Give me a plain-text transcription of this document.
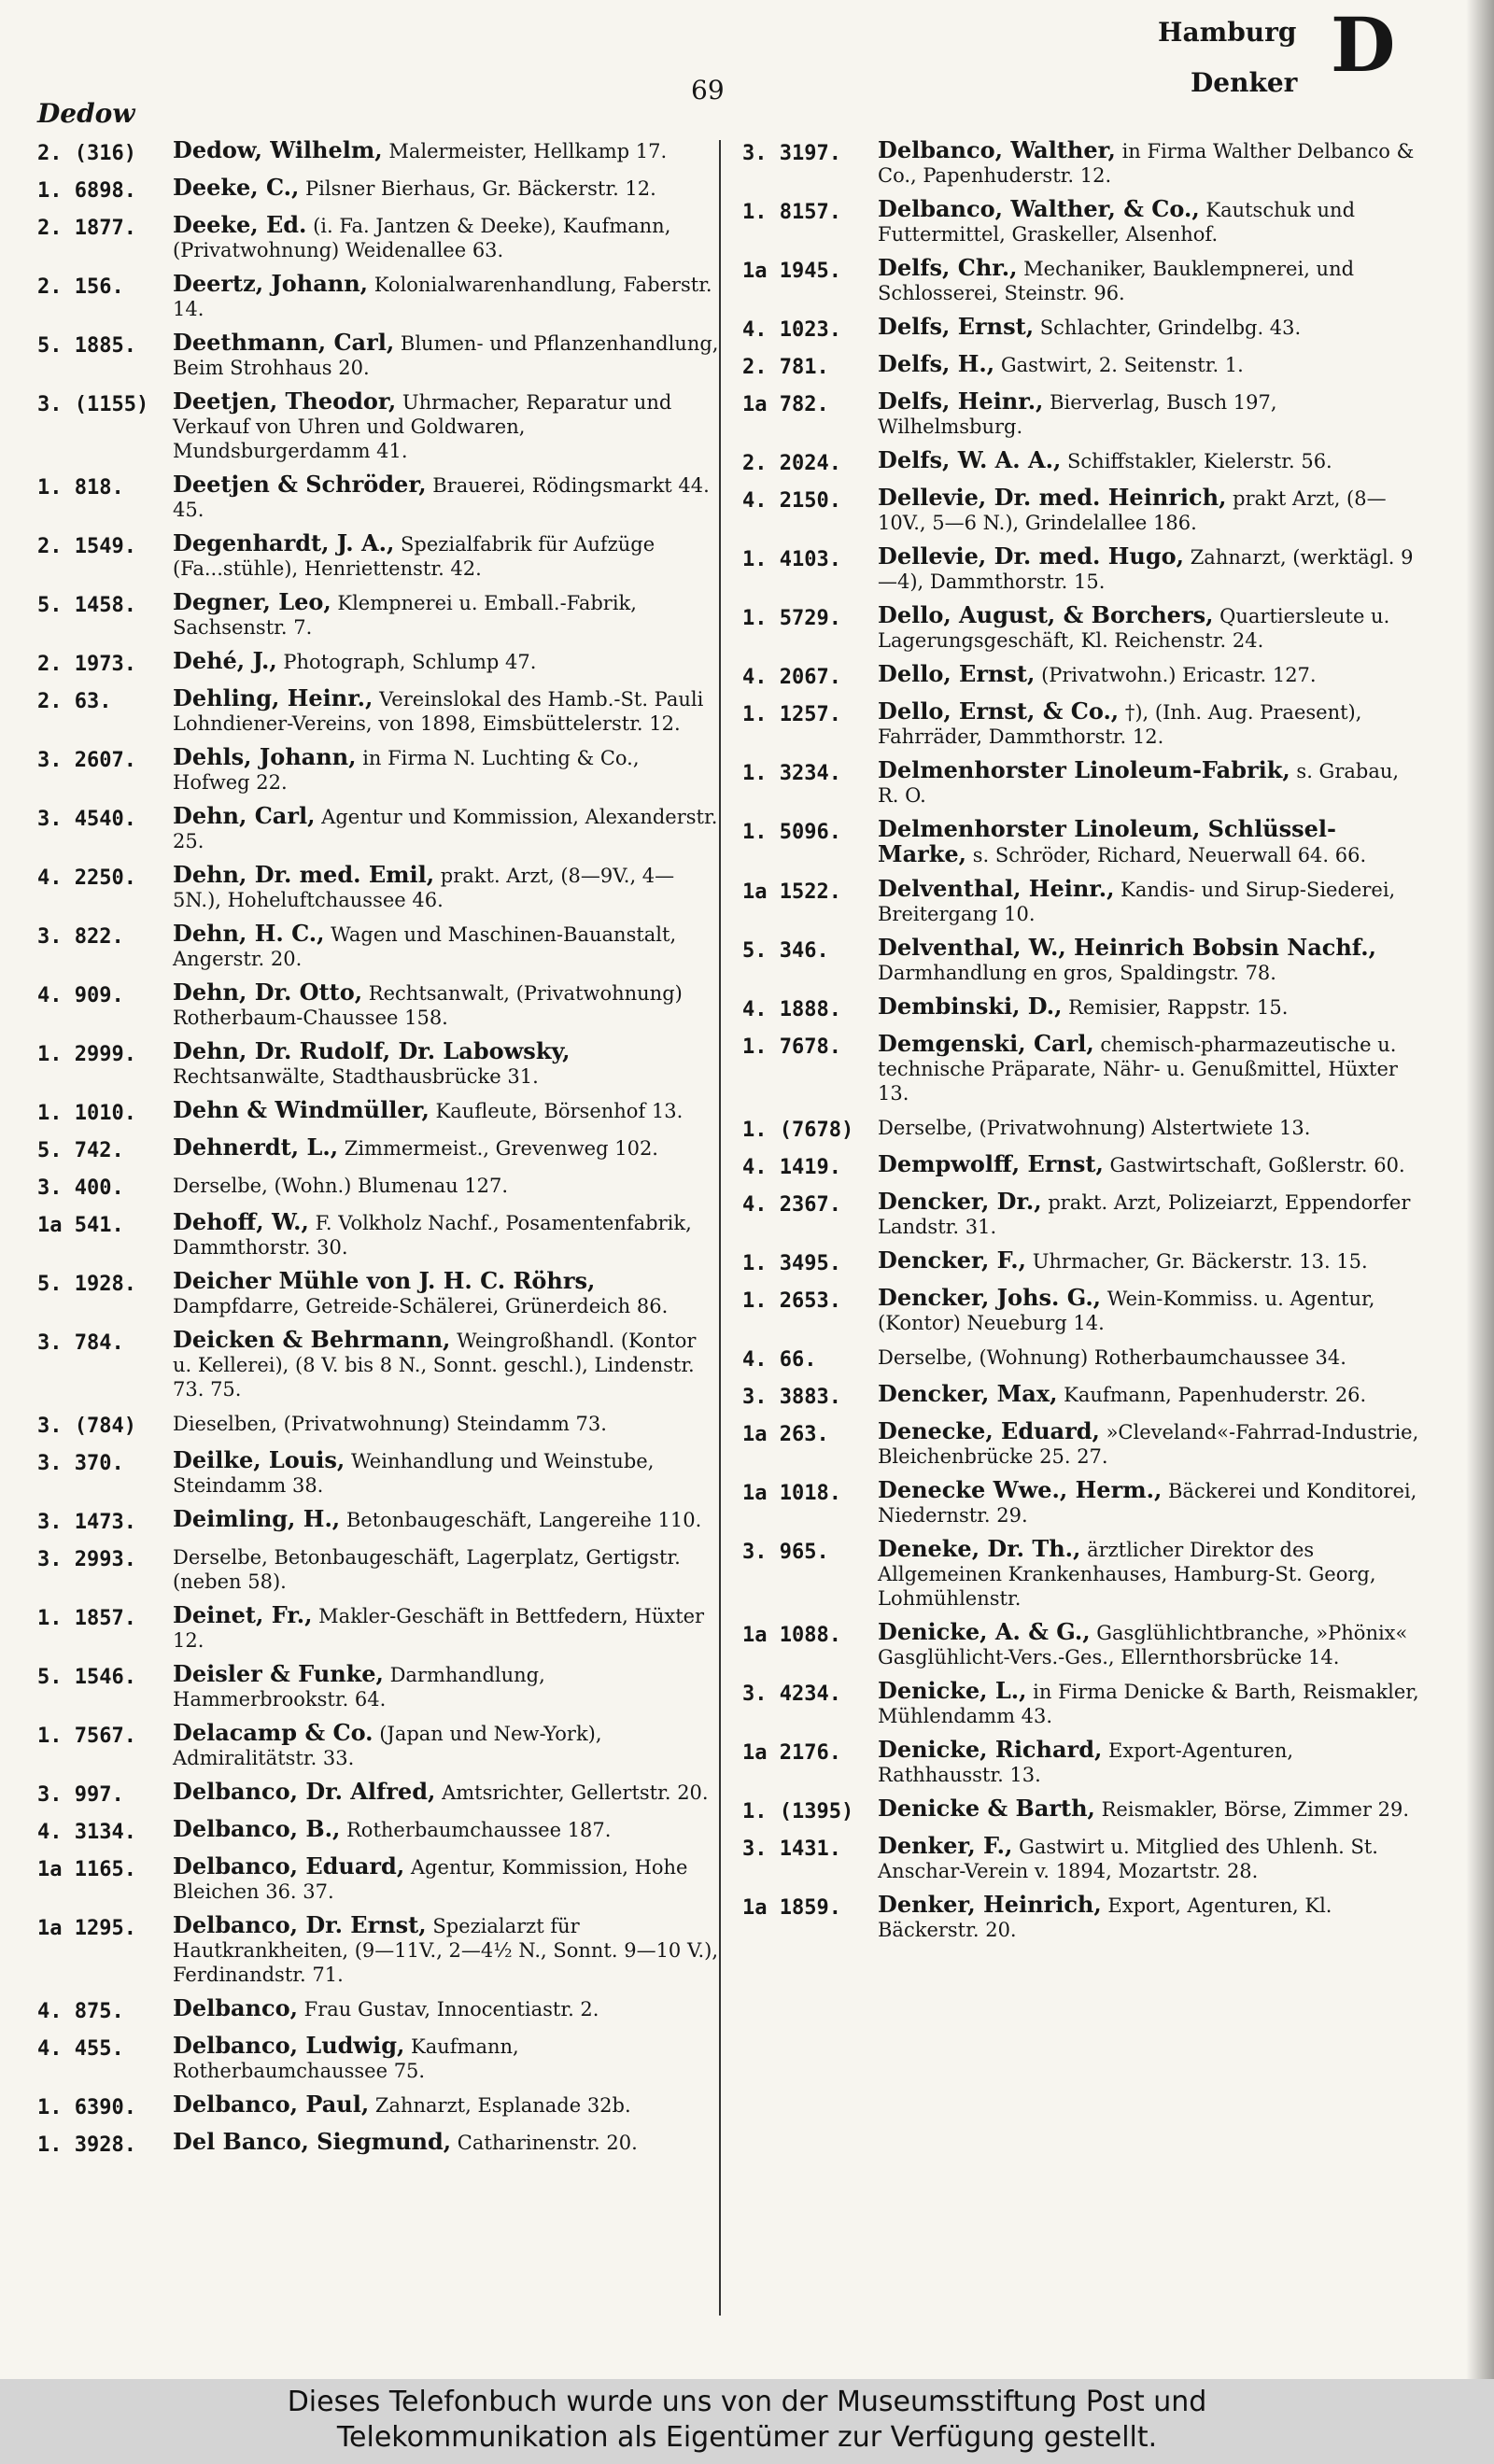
69
Dedow
Hamburg D
Denker
2. (316)	Dedow, Wilhelm, Malermeister, Hellkamp 17.
1. 6898.	Deeke, C., Pilsner Bierhaus, Gr. Bäckerstr. 12.
2. 1877.	Deeke, Ed. (i. Fa. Jantzen & Deeke), Kaufmann, (Privatwohnung) Weidenallee 63.
2. 156.	Deertz, Johann, Kolonialwarenhandlung, Faberstr. 14.
5. 1885.	Deethmann, Carl, Blumen- und Pflanzenhandlung, Beim Strohhaus 20.
3. (1155)	Deetjen, Theodor, Uhrmacher, Reparatur und Verkauf von Uhren und Goldwaren, Mundsburgerdamm 41.
1. 818.	Deetjen & Schröder, Brauerei, Rödingsmarkt 44. 45.
2. 1549.	Degenhardt, J. A., Spezialfabrik für Aufzüge (Fa...stühle), Henriettenstr. 42.
5. 1458.	Degner, Leo, Klempnerei u. Emball.-Fabrik, Sachsenstr. 7.
2. 1973.	Dehé, J., Photograph, Schlump 47.
2. 63.	Dehling, Heinr., Vereinslokal des Hamb.-St. Pauli Lohndiener-Vereins, von 1898, Eimsbüttelerstr. 12.
3. 2607.	Dehls, Johann, in Firma N. Luchting & Co., Hofweg 22.
3. 4540.	Dehn, Carl, Agentur und Kommission, Alexanderstr. 25.
4. 2250.	Dehn, Dr. med. Emil, prakt. Arzt, (8—9V., 4—5N.), Hoheluftchaussee 46.
3. 822.	Dehn, H. C., Wagen und Maschinen-Bauanstalt, Angerstr. 20.
4. 909.	Dehn, Dr. Otto, Rechtsanwalt, (Privatwohnung) Rotherbaum-Chaussee 158.
1. 2999.	Dehn, Dr. Rudolf, Dr. Labowsky, Rechtsanwälte, Stadthausbrücke 31.
1. 1010.	Dehn & Windmüller, Kaufleute, Börsenhof 13.
5. 742.	Dehnerdt, L., Zimmermeist., Grevenweg 102.
3. 400.	Derselbe, (Wohn.) Blumenau 127.
1a 541.	Dehoff, W., F. Volkholz Nachf., Posamentenfabrik, Dammthorstr. 30.
5. 1928.	Deicher Mühle von J. H. C. Röhrs, Dampfdarre, Getreide-Schälerei, Grünerdeich 86.
3. 784.	Deicken & Behrmann, Weingroßhandl. (Kontor u. Kellerei), (8 V. bis 8 N., Sonnt. geschl.), Lindenstr. 73. 75.
3. (784)	Dieselben, (Privatwohnung) Steindamm 73.
3. 370.	Deilke, Louis, Weinhandlung und Weinstube, Steindamm 38.
3. 1473.	Deimling, H., Betonbaugeschäft, Langereihe 110.
3. 2993.	Derselbe, Betonbaugeschäft, Lagerplatz, Gertigstr. (neben 58).
1. 1857.	Deinet, Fr., Makler-Geschäft in Bettfedern, Hüxter 12.
5. 1546.	Deisler & Funke, Darmhandlung, Hammerbrookstr. 64.
1. 7567.	Delacamp & Co. (Japan und New-York), Admiralitätstr. 33.
3. 997.	Delbanco, Dr. Alfred, Amtsrichter, Gellertstr. 20.
4. 3134.	Delbanco, B., Rotherbaumchaussee 187.
1a 1165.	Delbanco, Eduard, Agentur, Kommission, Hohe Bleichen 36. 37.
1a 1295.	Delbanco, Dr. Ernst, Spezialarzt für Hautkrankheiten, (9—11V., 2—4½ N., Sonnt. 9—10 V.), Ferdinandstr. 71.
4. 875.	Delbanco, Frau Gustav, Innocentiastr. 2.
4. 455.	Delbanco, Ludwig, Kaufmann, Rotherbaumchaussee 75.
1. 6390.	Delbanco, Paul, Zahnarzt, Esplanade 32b.
1. 3928.	Del Banco, Siegmund, Catharinenstr. 20.
3. 3197.	Delbanco, Walther, in Firma Walther Delbanco & Co., Papenhuderstr. 12.
1. 8157.	Delbanco, Walther, & Co., Kautschuk und Futtermittel, Graskeller, Alsenhof.
1a 1945.	Delfs, Chr., Mechaniker, Bauklempnerei, und Schlosserei, Steinstr. 96.
4. 1023.	Delfs, Ernst, Schlachter, Grindelbg. 43.
2. 781.	Delfs, H., Gastwirt, 2. Seitenstr. 1.
1a 782.	Delfs, Heinr., Bierverlag, Busch 197, Wilhelmsburg.
2. 2024.	Delfs, W. A. A., Schiffstakler, Kielerstr. 56.
4. 2150.	Dellevie, Dr. med. Heinrich, prakt Arzt, (8—10V., 5—6 N.), Grindelallee 186.
1. 4103.	Dellevie, Dr. med. Hugo, Zahnarzt, (werktägl. 9—4), Dammthorstr. 15.
1. 5729.	Dello, August, & Borchers, Quartiersleute u. Lagerungsgeschäft, Kl. Reichenstr. 24.
4. 2067.	Dello, Ernst, (Privatwohn.) Ericastr. 127.
1. 1257.	Dello, Ernst, & Co., †), (Inh. Aug. Praesent), Fahrräder, Dammthorstr. 12.
1. 3234.	Delmenhorster Linoleum-Fabrik, s. Grabau, R. O.
1. 5096.	Delmenhorster Linoleum, Schlüssel-Marke, s. Schröder, Richard, Neuerwall 64. 66.
1a 1522.	Delventhal, Heinr., Kandis- und Sirup-Siederei, Breitergang 10.
5. 346.	Delventhal, W., Heinrich Bobsin Nachf., Darmhandlung en gros, Spaldingstr. 78.
4. 1888.	Dembinski, D., Remisier, Rappstr. 15.
1. 7678.	Demgenski, Carl, chemisch-pharmazeutische u. technische Präparate, Nähr- u. Genußmittel, Hüxter 13.
1. (7678)	Derselbe, (Privatwohnung) Alstertwiete 13.
4. 1419.	Dempwolff, Ernst, Gastwirtschaft, Goßlerstr. 60.
4. 2367.	Dencker, Dr., prakt. Arzt, Polizeiarzt, Eppendorfer Landstr. 31.
1. 3495.	Dencker, F., Uhrmacher, Gr. Bäckerstr. 13. 15.
1. 2653.	Dencker, Johs. G., Wein-Kommiss. u. Agentur, (Kontor) Neueburg 14.
4. 66.	Derselbe, (Wohnung) Rotherbaumchaussee 34.
3. 3883.	Dencker, Max, Kaufmann, Papenhuderstr. 26.
1a 263.	Denecke, Eduard, »Cleveland«-Fahrrad-Industrie, Bleichenbrücke 25. 27.
1a 1018.	Denecke Wwe., Herm., Bäckerei und Konditorei, Niedernstr. 29.
3. 965.	Deneke, Dr. Th., ärztlicher Direktor des Allgemeinen Krankenhauses, Hamburg-St. Georg, Lohmühlenstr.
1a 1088.	Denicke, A. & G., Gasglühlichtbranche, »Phönix« Gasglühlicht-Vers.-Ges., Ellernthorsbrücke 14.
3. 4234.	Denicke, L., in Firma Denicke & Barth, Reismakler, Mühlendamm 43.
1a 2176.	Denicke, Richard, Export-Agenturen, Rathhausstr. 13.
1. (1395)	Denicke & Barth, Reismakler, Börse, Zimmer 29.
3. 1431.	Denker, F., Gastwirt u. Mitglied des Uhlenh. St. Anschar-Verein v. 1894, Mozartstr. 28.
1a 1859.	Denker, Heinrich, Export, Agenturen, Kl. Bäckerstr. 20.
Dieses Telefonbuch wurde uns von der Museumsstiftung Post und
Telekommunikation als Eigentümer zur Verfügung gestellt.
